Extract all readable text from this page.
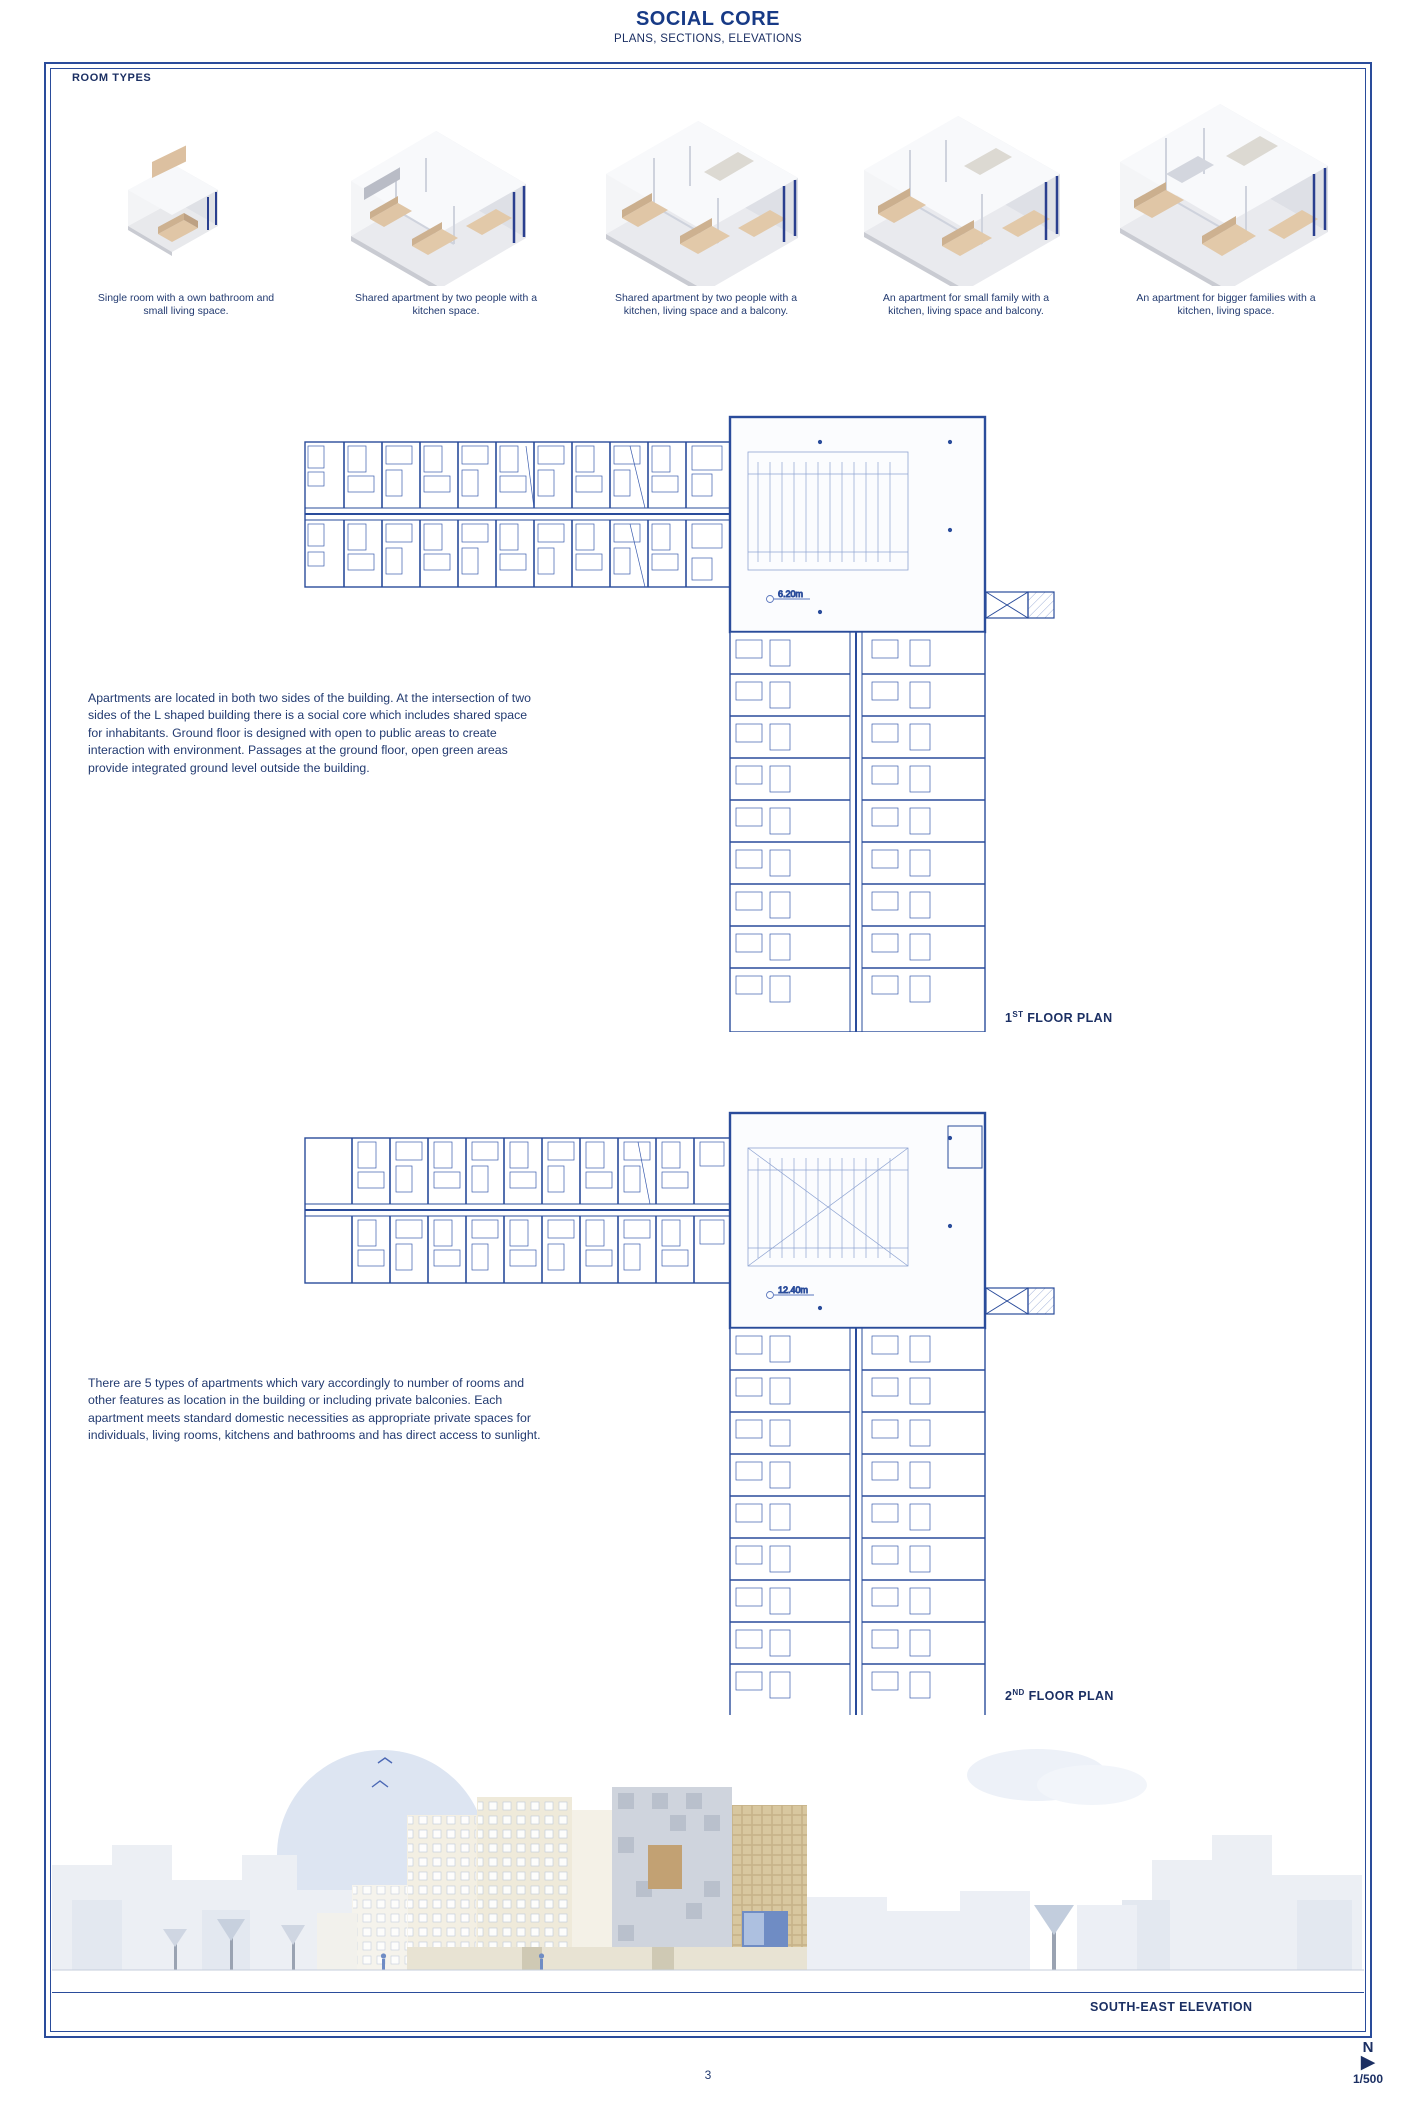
SOCIAL CORE
PLANS, SECTIONS, ELEVATIONS
ROOM TYPES
Single room with a own bathroom and small living space.
Shared apartment by two people with a kitchen space.
Shared apartment by two people with a kitchen, living space and a balcony.
An apartment for small family with a kitchen, living space and balcony.
An apartment for bigger families with a kitchen, living space.
Apartments are located in both two sides of the building. At the intersection of two sides of the L shaped building there is a social core which includes shared space for inhabitants. Ground floor is designed with open to public areas to create interaction with environment. Passages at the ground floor, open green areas provide integrated ground level outside the building.
There are 5 types of apartments which vary accordingly to number of rooms and other features as location in the building or including private balconies. Each apartment meets standard domestic necessities as appropriate private spaces for individuals, living rooms, kitchens and bathrooms and has direct access to sunlight.
6.20m
1ST FLOOR PLAN
12.40m
2ND FLOOR PLAN
SOUTH-EAST ELEVATION
3
N
▶
1/500
